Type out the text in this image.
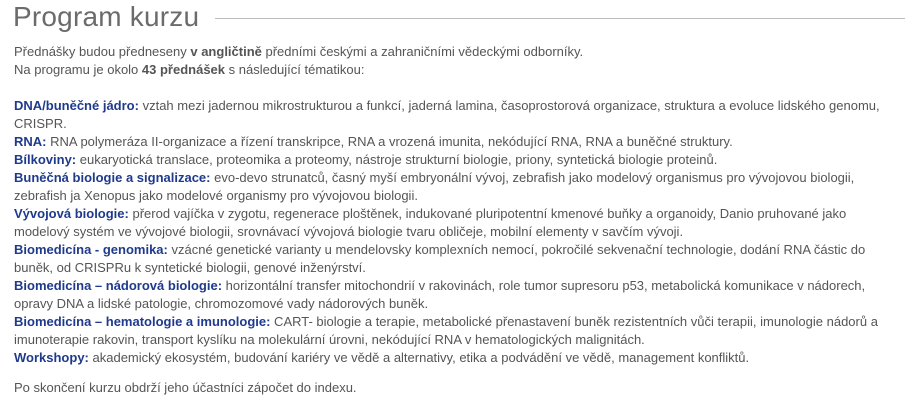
Program kurzu

Přednášky budou předneseny v angličtině předními českými a zahraničními vědeckými odborníky.
Na programu je okolo 43 přednášek s následující tématikou:

DNA/buněčné jádro: vztah mezi jadernou mikrostrukturou a funkcí, jaderná lamina, časoprostorová organizace, struktura a evoluce lidského genomu, CRISPR.

RNA: RNA polymeráza II-organizace a řízení transkripce, RNA a vrozená imunita, nekódující RNA, RNA a buněčné struktury.

Bílkoviny: eukaryotická translace, proteomika a proteomy, nástroje strukturní biologie, priony, syntetická biologie proteinů.

Buněčná biologie a signalizace: evo-devo strunatců, časný myší embryonální vývoj, zebrafish jako modelový organismus pro vývojovou biologii, zebrafish ja Xenopus jako modelové organismy pro vývojovou biologii.

Vývojová biologie: přerod vajíčka v zygotu, regenerace ploštěnek, indukované pluripotentní kmenové buňky a organoidy, Danio pruhované jako modelový systém ve vývojové biologii, srovnávací vývojová biologie tvaru obličeje, mobilní elementy v savčím vývoji.

Biomedicína - genomika: vzácné genetické varianty u mendelovsky komplexních nemocí, pokročilé sekvenační technologie, dodání RNA částic do buněk, od CRISPRu k syntetické biologii, genové inženýrství.

Biomedicína – nádorová biologie: horizontální transfer mitochondrií v rakovinách, role tumor supresoru p53, metabolická komunikace v nádorech, opravy DNA a lidské patologie, chromozomové vady nádorových buněk.

Biomedicína – hematologie a imunologie: CART- biologie a terapie, metabolické přenastavení buněk rezistentních vůči terapii, imunologie nádorů a imunoterapie rakovin, transport kyslíku na molekulární úrovni, nekódující RNA v hematologických malignitách.

Workshopy: akademický ekosystém, budování kariéry ve vědě a alternativy, etika a podvádění ve vědě, management konfliktů.

Po skončení kurzu obdrží jeho účastníci zápočet do indexu.
